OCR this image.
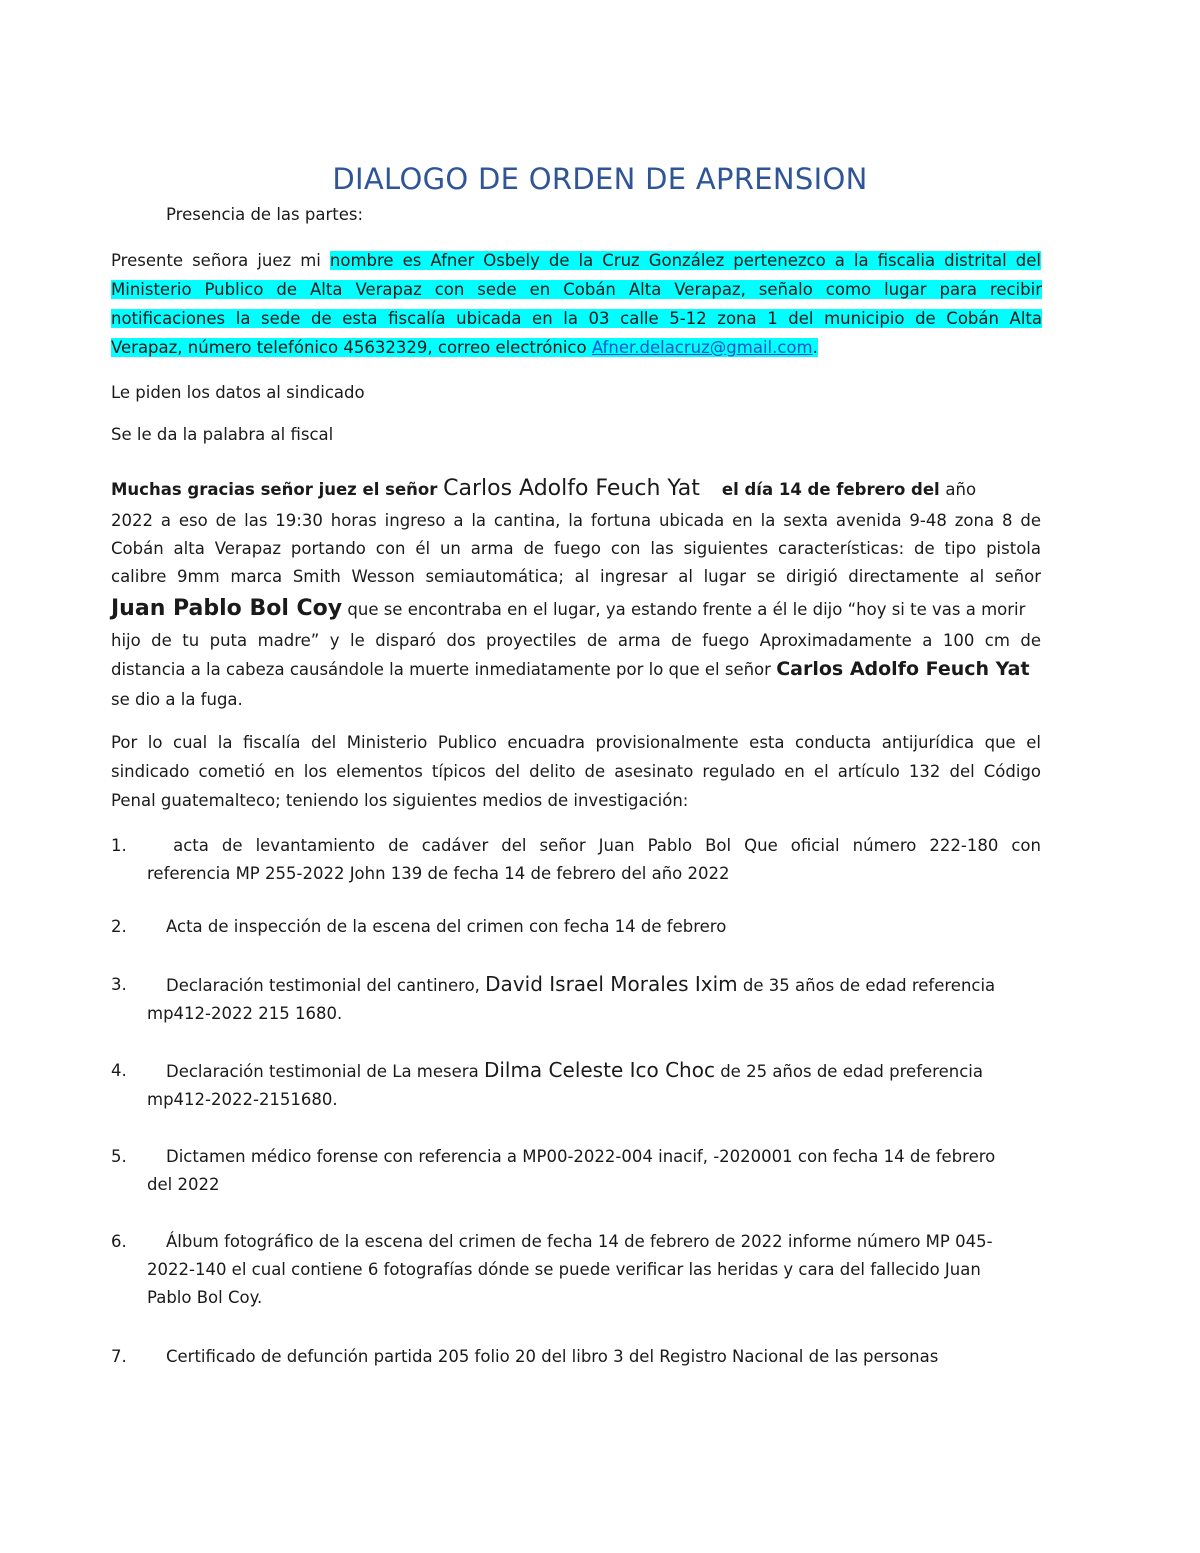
DIALOGO DE ORDEN DE APRENSION
Presencia de las partes:
Presente señora juez mi nombre es Afner Osbely de la Cruz González pertenezco a la fiscalia distrital del
Ministerio Publico de Alta Verapaz con sede en Cobán Alta Verapaz, señalo como lugar para recibir
notificaciones la sede de esta fiscalía ubicada en la 03 calle 5-12 zona 1 del municipio de Cobán Alta
Verapaz, número telefónico 45632329, correo electrónico Afner.delacruz@gmail.com.
Le piden los datos al sindicado
Se le da la palabra al fiscal
Muchas gracias señor juez el señor Carlos Adolfo Feuch Yat el día 14 de febrero del año
2022 a eso de las 19:30 horas ingreso a la cantina, la fortuna ubicada en la sexta avenida 9-48 zona 8 de
Cobán alta Verapaz portando con él un arma de fuego con las siguientes características: de tipo pistola
calibre 9mm marca Smith Wesson semiautomática; al ingresar al lugar se dirigió directamente al señor
Juan Pablo Bol Coy que se encontraba en el lugar, ya estando frente a él le dijo “hoy si te vas a morir
hijo de tu puta madre” y le disparó dos proyectiles de arma de fuego Aproximadamente a 100 cm de
distancia a la cabeza causándole la muerte inmediatamente por lo que el señor Carlos Adolfo Feuch Yat
se dio a la fuga.
Por lo cual la fiscalía del Ministerio Publico encuadra provisionalmente esta conducta antijurídica que el
sindicado cometió en los elementos típicos del delito de asesinato regulado en el artículo 132 del Código
Penal guatemalteco; teniendo los siguientes medios de investigación:
1. acta de levantamiento de cadáver del señor Juan Pablo Bol Que oficial número 222-180 con
referencia MP 255-2022 John 139 de fecha 14 de febrero del año 2022
2. Acta de inspección de la escena del crimen con fecha 14 de febrero
3.	Declaración testimonial del cantinero, David Israel Morales Ixim de 35 años de edad referencia
mp412-2022 215 1680.
4.	Declaración testimonial de La mesera Dilma Celeste Ico Choc de 25 años de edad preferencia
mp412-2022-2151680.
5.	Dictamen médico forense con referencia a MP00-2022-004 inacif, -2020001 con fecha 14 de febrero
del 2022
6.	Álbum fotográfico de la escena del crimen de fecha 14 de febrero de 2022 informe número MP 045-
2022-140 el cual contiene 6 fotografías dónde se puede verificar las heridas y cara del fallecido Juan
Pablo Bol Coy.
7. Certificado de defunción partida 205 folio 20 del libro 3 del Registro Nacional de las personas
